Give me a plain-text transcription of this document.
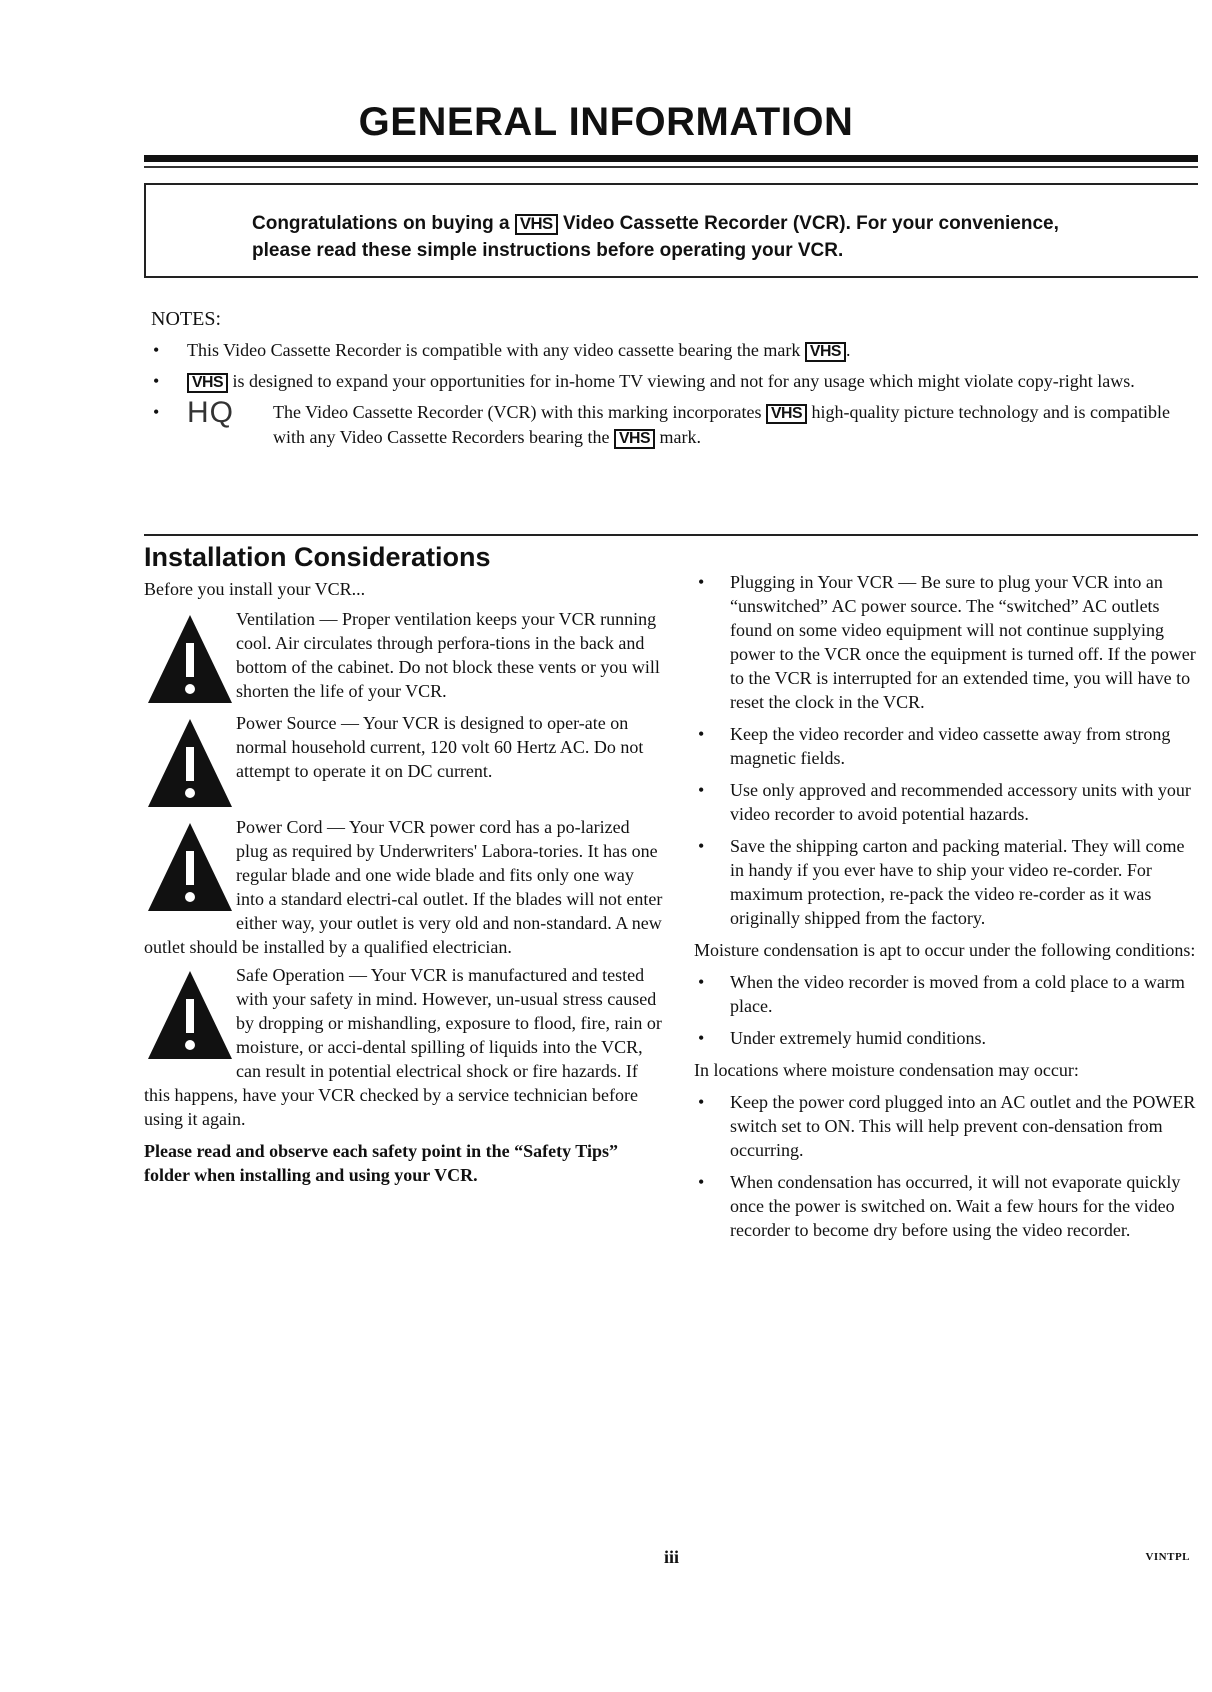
GENERAL INFORMATION

Congratulations on buying a VHS Video Cassette Recorder (VCR). For your convenience,
please read these simple instructions before operating your VCR.

NOTES:

• This Video Cassette Recorder is compatible with any video cassette bearing the mark VHS .
• VHS is designed to expand your opportunities for in-home TV viewing and not for any usage which might violate copy-right laws.
• HQ	The Video Cassette Recorder (VCR) with this marking incorporates VHS high-quality picture technology and is compatible with any Video Cassette Recorders bearing the VHS mark.
Installation Considerations

Before you install your VCR...

Ventilation — Proper ventilation keeps your VCR running cool. Air circulates through perfora-tions in the back and bottom of the cabinet. Do not block these vents or you will shorten the life of your VCR.

Power Source — Your VCR is designed to oper-ate on normal household current, 120 volt 60 Hertz AC. Do not attempt to operate it on DC current.

Power Cord — Your VCR power cord has a po-larized plug as required by Underwriters' Labora-tories. It has one regular blade and one wide blade and fits only one way into a standard electri-cal outlet. If the blades will not enter either way, your outlet is very old and non-standard. A new outlet should be installed by a qualified electrician.

Safe Operation — Your VCR is manufactured and tested with your safety in mind. However, un-usual stress caused by dropping or mishandling, exposure to flood, fire, rain or moisture, or acci-dental spilling of liquids into the VCR, can result in potential electrical shock or fire hazards. If this happens, have your VCR checked by a service technician before using it again.

Please read and observe each safety point in the “Safety Tips” folder when installing and using your VCR.

• Plugging in Your VCR — Be sure to plug your VCR into an “unswitched” AC power source. The “switched” AC outlets found on some video equipment will not continue supplying power to the VCR once the equipment is turned off. If the power to the VCR is interrupted for an extended time, you will have to reset the clock in the VCR.
• Keep the video recorder and video cassette away from strong magnetic fields.
• Use only approved and recommended accessory units with your video recorder to avoid potential hazards.
• Save the shipping carton and packing material. They will come in handy if you ever have to ship your video re-corder. For maximum protection, re-pack the video re-corder as it was originally shipped from the factory.

Moisture condensation is apt to occur under the following conditions:

• When the video recorder is moved from a cold place to a warm place.
• Under extremely humid conditions.

In locations where moisture condensation may occur:

• Keep the power cord plugged into an AC outlet and the POWER switch set to ON. This will help prevent con-densation from occurring.
• When condensation has occurred, it will not evaporate quickly once the power is switched on. Wait a few hours for the video recorder to become dry before using the video recorder.
iii	VINTPL
